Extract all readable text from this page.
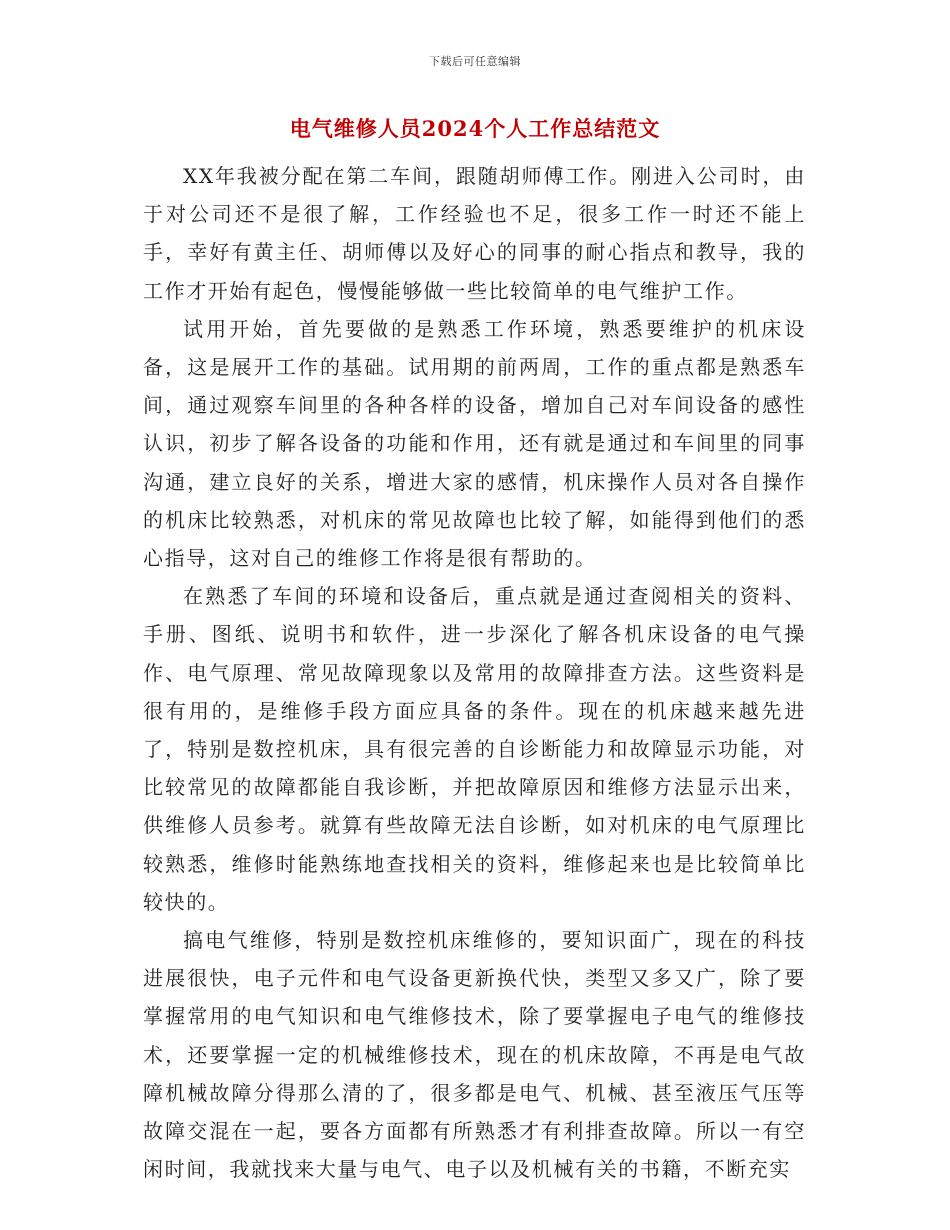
下载后可任意编辑
电气维修人员2024个人工作总结范文

XX年我被分配在第二车间，跟随胡师傅工作。刚进入公司时，由于对公司还不是很了解，工作经验也不足，很多工作一时还不能上手，幸好有黄主任、胡师傅以及好心的同事的耐心指点和教导，我的工作才开始有起色，慢慢能够做一些比较简单的电气维护工作。

试用开始，首先要做的是熟悉工作环境，熟悉要维护的机床设备，这是展开工作的基础。试用期的前两周，工作的重点都是熟悉车间，通过观察车间里的各种各样的设备，增加自己对车间设备的感性认识，初步了解各设备的功能和作用，还有就是通过和车间里的同事沟通，建立良好的关系，增进大家的感情，机床操作人员对各自操作的机床比较熟悉，对机床的常见故障也比较了解，如能得到他们的悉心指导，这对自己的维修工作将是很有帮助的。

在熟悉了车间的环境和设备后，重点就是通过查阅相关的资料、手册、图纸、说明书和软件，进一步深化了解各机床设备的电气操作、电气原理、常见故障现象以及常用的故障排查方法。这些资料是很有用的，是维修手段方面应具备的条件。现在的机床越来越先进了，特别是数控机床，具有很完善的自诊断能力和故障显示功能，对比较常见的故障都能自我诊断，并把故障原因和维修方法显示出来，供维修人员参考。就算有些故障无法自诊断，如对机床的电气原理比较熟悉，维修时能熟练地查找相关的资料，维修起来也是比较简单比较快的。

搞电气维修，特别是数控机床维修的，要知识面广，现在的科技进展很快，电子元件和电气设备更新换代快，类型又多又广，除了要掌握常用的电气知识和电气维修技术，除了要掌握电子电气的维修技术，还要掌握一定的机械维修技术，现在的机床故障，不再是电气故障机械故障分得那么清的了，很多都是电气、机械、甚至液压气压等故障交混在一起，要各方面都有所熟悉才有利排查故障。所以一有空闲时间，我就找来大量与电气、电子以及机械有关的书籍，不断充实
